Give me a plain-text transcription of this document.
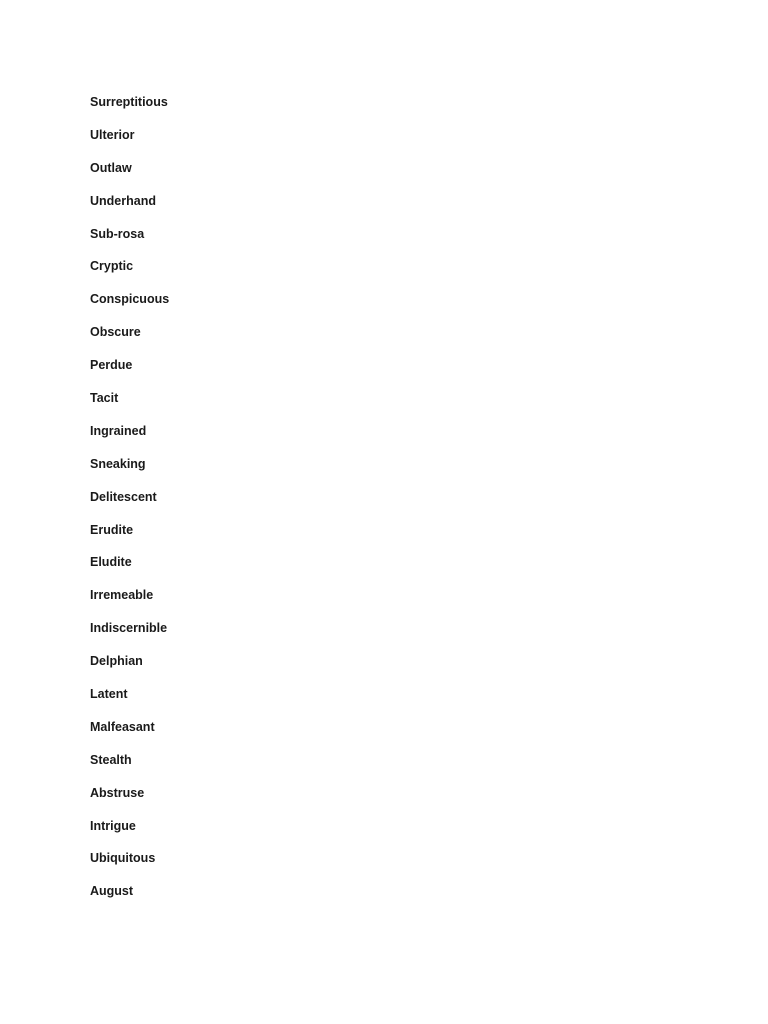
Surreptitious
Ulterior
Outlaw
Underhand
Sub-rosa
Cryptic
Conspicuous
Obscure
Perdue
Tacit
Ingrained
Sneaking
Delitescent
Erudite
Eludite
Irremeable
Indiscernible
Delphian
Latent
Malfeasant
Stealth
Abstruse
Intrigue
Ubiquitous
August
